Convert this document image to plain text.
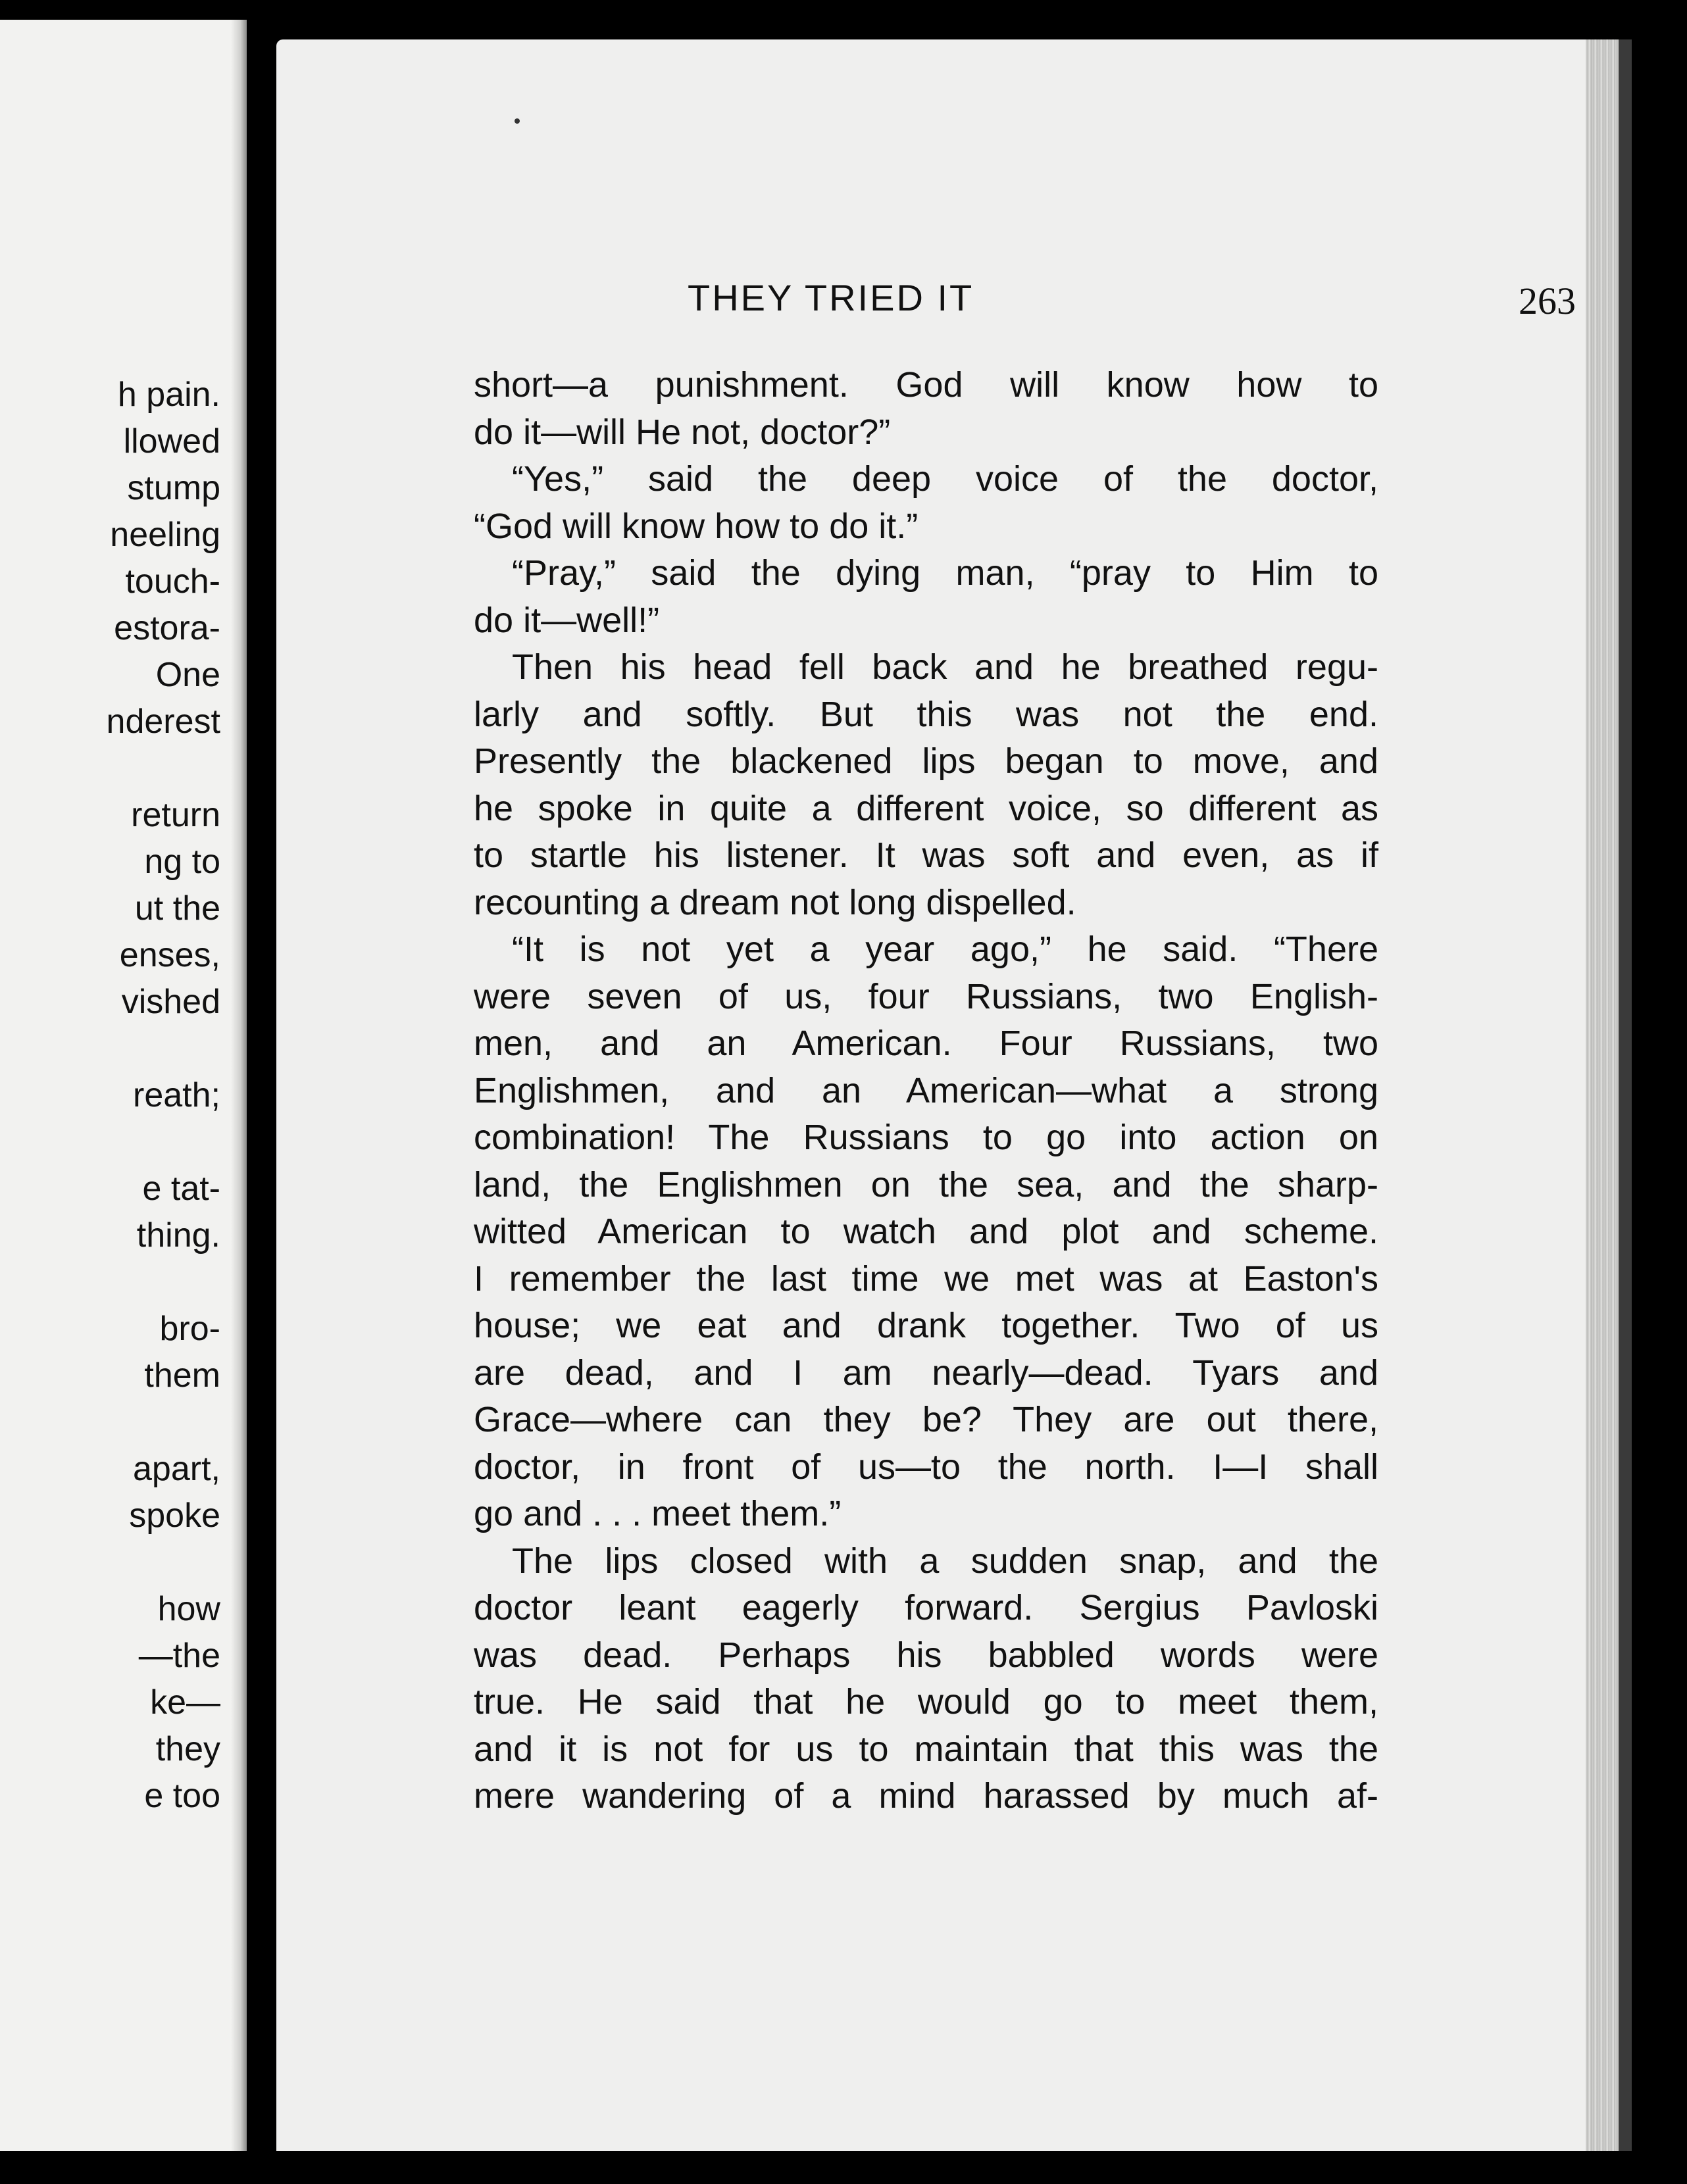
h pain.
llowed
stump
neeling
touch-
estora-
One
nderest
return
ng to
ut the
enses,
vished
reath;
e tat-
thing.
bro-
them
apart,
spoke
how
—the
ke—
they
e too
THEY TRIED IT	263
short—a punishment. God will know how to
do it—will He not, doctor?”
“Yes,” said the deep voice of the doctor,
“God will know how to do it.”
“Pray,” said the dying man, “pray to Him to
do it—well!”
Then his head fell back and he breathed regu-
larly and softly. But this was not the end.
Presently the blackened lips began to move, and
he spoke in quite a different voice, so different as
to startle his listener. It was soft and even, as if
recounting a dream not long dispelled.
“It is not yet a year ago,” he said. “There
were seven of us, four Russians, two English-
men, and an American. Four Russians, two
Englishmen, and an American—what a strong
combination! The Russians to go into action on
land, the Englishmen on the sea, and the sharp-
witted American to watch and plot and scheme.
I remember the last time we met was at Easton's
house; we eat and drank together. Two of us
are dead, and I am nearly—dead. Tyars and
Grace—where can they be? They are out there,
doctor, in front of us—to the north. I—I shall
go and . . . meet them.”
The lips closed with a sudden snap, and the
doctor leant eagerly forward. Sergius Pavloski
was dead. Perhaps his babbled words were
true. He said that he would go to meet them,
and it is not for us to maintain that this was the
mere wandering of a mind harassed by much af-
